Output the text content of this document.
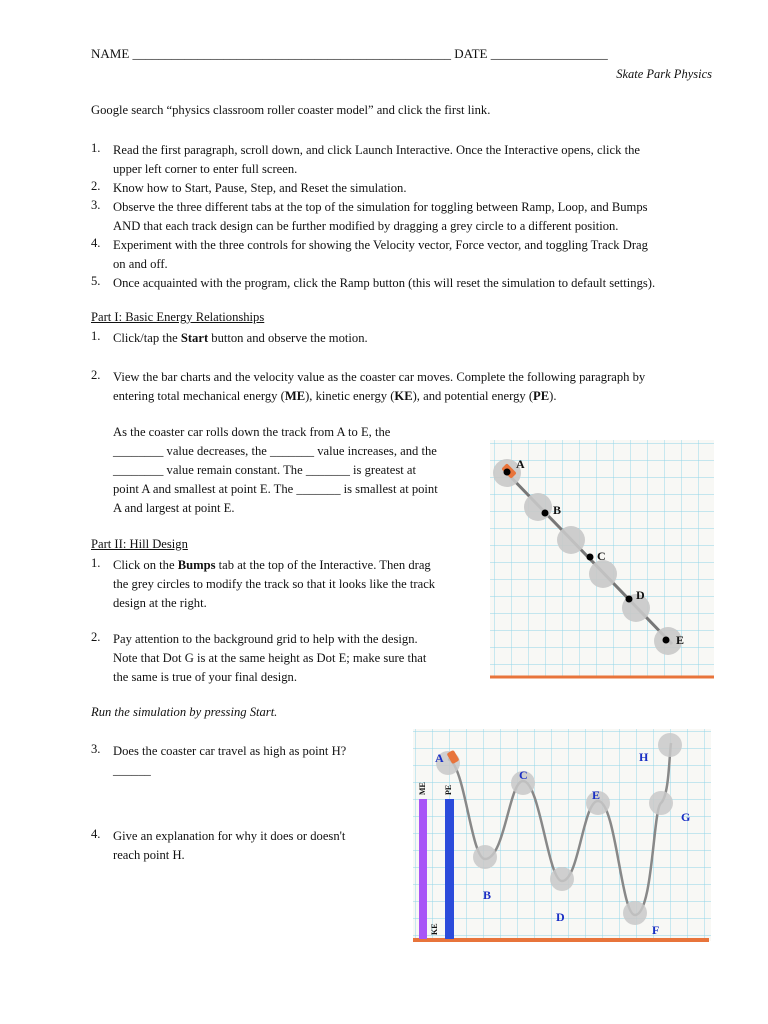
NAME _________________________________________________ DATE __________________
Skate Park Physics
Google search “physics classroom roller coaster model” and click the first link.
1. Read the first paragraph, scroll down, and click Launch Interactive. Once the Interactive opens, click the
upper left corner to enter full screen.
2. Know how to Start, Pause, Step, and Reset the simulation.
3. Observe the three different tabs at the top of the simulation for toggling between Ramp, Loop, and Bumps
AND that each track design can be further modified by dragging a grey circle to a different position.
4. Experiment with the three controls for showing the Velocity vector, Force vector, and toggling Track Drag
on and off.
5. Once acquainted with the program, click the Ramp button (this will reset the simulation to default settings).
Part I: Basic Energy Relationships
1. Click/tap the Start button and observe the motion.
2. View the bar charts and the velocity value as the coaster car moves. Complete the following paragraph by
entering total mechanical energy (ME), kinetic energy (KE), and potential energy (PE).
As the coaster car rolls down the track from A to E, the
________ value decreases, the _______ value increases, and the
________ value remain constant. The _______ is greatest at
point A and smallest at point E. The _______ is smallest at point
A and largest at point E.
Part II: Hill Design
1. Click on the Bumps tab at the top of the Interactive. Then drag
the grey circles to modify the track so that it looks like the track
design at the right.
2. Pay attention to the background grid to help with the design.
Note that Dot G is at the same height as Dot E; make sure that
the same is true of your final design.
Run the simulation by pressing Start.
3. Does the coaster car travel as high as point H?
______
4. Give an explanation for why it does or doesn't
reach point H.
A
B
C
D
E
ME PE
KE
A
B
C
D
E
F
G
H
